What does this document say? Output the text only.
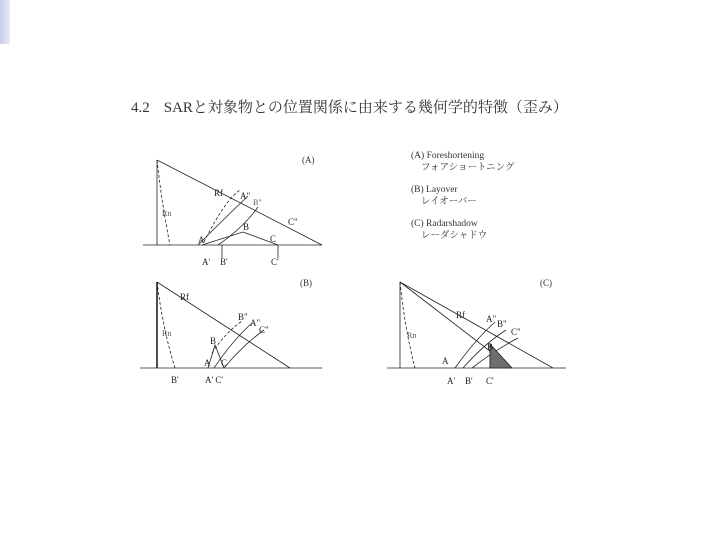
4.2 SARと対象物との位置関係に由来する幾何学的特徴（歪み）
(A)
Rf
Rn
A"
B"
C"
A
B
C
A' B'	C'
(B)
Rf
Rn
B"
A"
C"
B
A C
B'	A' C'
(C)
Rf
Rn
A" B"
C"
A
B
A' B' C'
(A) Foreshortening
フォアショートニング
(B) Layover
レイオーバー
(C) Radarshadow
レーダシャドウ
